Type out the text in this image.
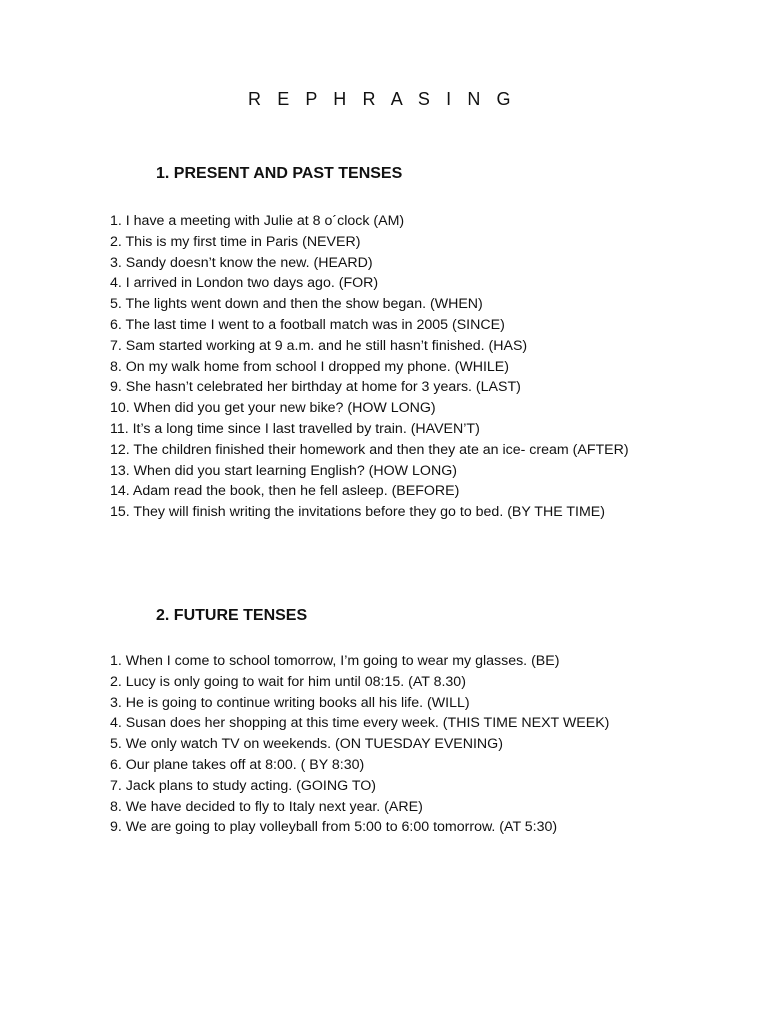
R E P H R A S I N G
1. PRESENT AND PAST TENSES
1. I have a meeting with Julie at 8 o´clock (AM)
2. This is my first time in Paris (NEVER)
3. Sandy doesn’t know the new. (HEARD)
4. I arrived in London two days ago. (FOR)
5. The lights went down and then the show began. (WHEN)
6. The last time I went to a football match was in 2005 (SINCE)
7. Sam started working at 9 a.m. and he still hasn’t finished. (HAS)
8. On my walk home from school I dropped my phone. (WHILE)
9. She hasn’t celebrated her birthday at home for 3 years. (LAST)
10. When did you get your new bike? (HOW LONG)
11. It’s a long time since I last travelled by train. (HAVEN’T)
12. The children finished their homework and then they ate an ice- cream (AFTER)
13. When did you start learning English? (HOW LONG)
14. Adam read the book, then he fell asleep. (BEFORE)
15. They will finish writing the invitations before they go to bed. (BY THE TIME)
2. FUTURE TENSES
1. When I come to school tomorrow, I’m going to wear my glasses. (BE)
2. Lucy is only going to wait for him until 08:15. (AT 8.30)
3. He is going to continue writing books all his life. (WILL)
4. Susan does her shopping at this time every week. (THIS TIME NEXT WEEK)
5. We only watch TV on weekends. (ON TUESDAY EVENING)
6. Our plane takes off at 8:00. ( BY 8:30)
7. Jack plans to study acting. (GOING TO)
8. We have decided to fly to Italy next year. (ARE)
9. We are going to play volleyball from 5:00 to 6:00 tomorrow. (AT 5:30)
